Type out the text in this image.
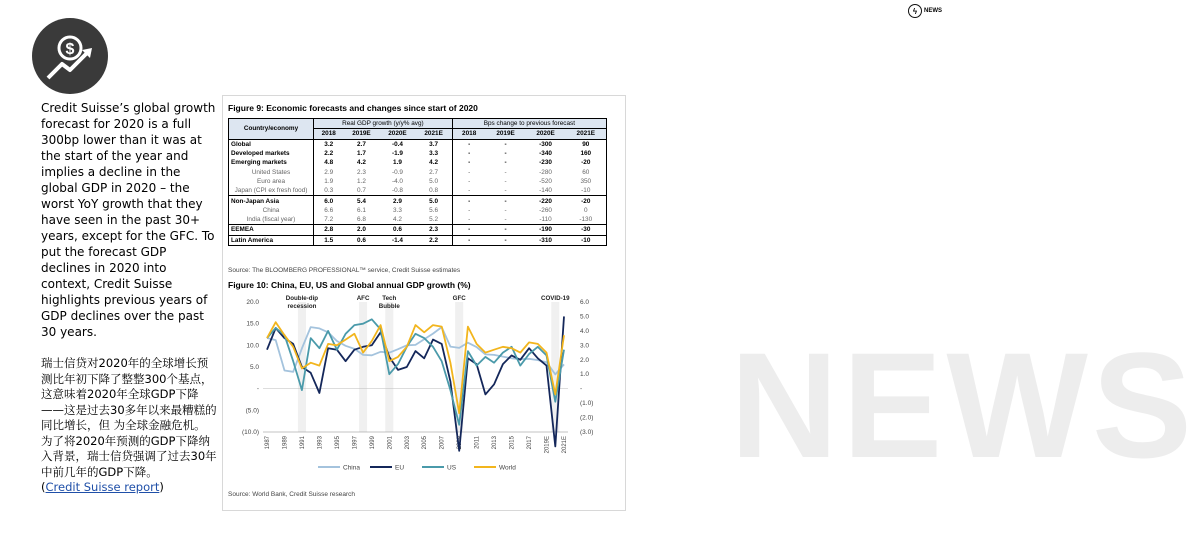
NEWS
ϟ	NEWS
$

Credit Suisse’s global growth forecast for 2020 is a full 300bp lower than it was at the start of the year and implies a decline in the global GDP in 2020 – the worst YoY growth that they have seen in the past 30+ years, except for the GFC. To put the forecast GDP declines in 2020 into context, Credit Suisse highlights previous years of GDP declines over the past 30 years.

瑞士信贷对2020年的全球增长预测比年初下降了整整300个基点，这意味着2020年全球GDP下降——这是过去30多年以来最糟糕的同比增长，但 为全球金融危机。 为了将2020年预测的GDP下降纳入背景，瑞士信贷强调了过去30年中前几年的GDP下降。
(Credit Suisse report)

Figure 9: Economic forecasts and changes since start of 2020
Country/economy	Real GDP growth (y/y% avg)				Bps change to previous forecast			
	2018	2019E	2020E	2021E	2018	2019E	2020E	2021E
Global	3.2	2.7	-0.4	3.7	-	-	-300	90
Developed markets	2.2	1.7	-1.9	3.3	-	-	-340	160
Emerging markets	4.8	4.2	1.9	4.2	-	-	-230	-20
United States	2.9	2.3	-0.9	2.7	-	-	-280	60
Euro area	1.9	1.2	-4.0	5.0	-	-	-520	350
Japan (CPI ex fresh food)	0.3	0.7	-0.8	0.8	-	-	-140	-10
Non-Japan Asia	6.0	5.4	2.9	5.0	-	-	-220	-20
China	6.6	6.1	3.3	5.6	-	-	-260	0
India (fiscal year)	7.2	6.8	4.2	5.2	-	-	-110	-130
EEMEA	2.8	2.0	0.6	2.3	-	-	-190	-30
Latin America	1.5	0.6	-1.4	2.2	-	-	-310	-10
Source: The BLOOMBERG PROFESSIONAL™ service, Credit Suisse estimates
Figure 10: China, EU, US and Global annual GDP growth (%)
20.0
15.0
10.0
5.0
-
(5.0)
(10.0)
6.0
5.0
4.0
3.0
2.0
1.0
-
(1.0)
(2.0)
(3.0)
1987 1989 1991 1993 1995 1997 1999 2001 2003 2005 2007 2009 2011 2013 2015 2017 2019E 2021E
Double-dip
recession
AFC Tech
Bubble
GFC	COVID-19
China	EU	US	World
Source: World Bank, Credit Suisse research
